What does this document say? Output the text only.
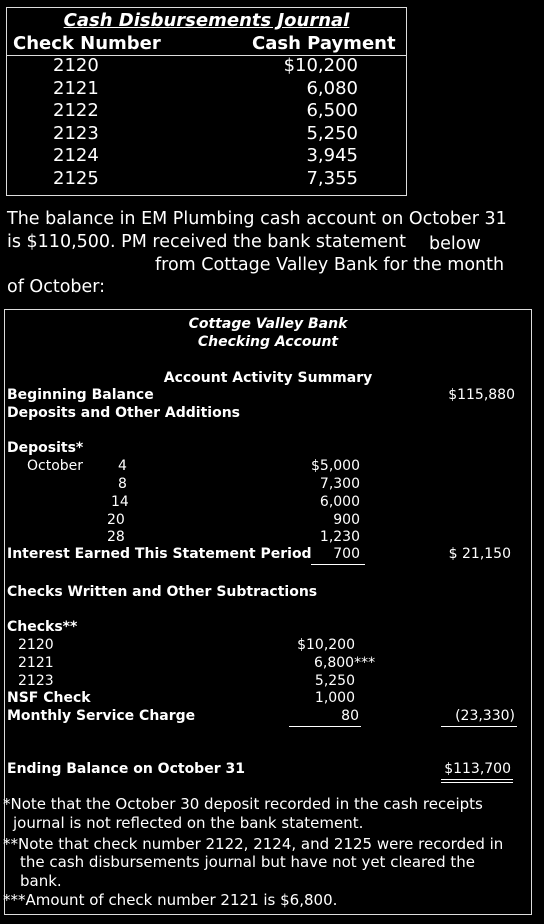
Cash Disbursements Journal
Check Number	Cash Payment
2120	$10,200
2121	6,080
2122	6,500
2123	5,250
2124	3,945
2125	7,355
The balance in EM Plumbing cash account on October 31
is $110,500. PM received the bank statement below
from Cottage Valley Bank for the month
of October:
Cottage Valley Bank
Checking Account
Account Activity Summary
Beginning Balance	$115,880
Deposits and Other Additions
Deposits*
October 4	$5,000
8	7,300
14	6,000
20	900
28	1,230
Interest Earned This Statement Period	700	$ 21,150
Checks Written and Other Subtractions
Checks**
2120	$10,200
2121	6,800***
2123	5,250
NSF Check	1,000
Monthly Service Charge	80	(23,330)
Ending Balance on October 31	$113,700
*Note that the October 30 deposit recorded in the cash receipts
journal is not reflected on the bank statement.
**Note that check number 2122, 2124, and 2125 were recorded in
the cash disbursements journal but have not yet cleared the
bank.
***Amount of check number 2121 is $6,800.
